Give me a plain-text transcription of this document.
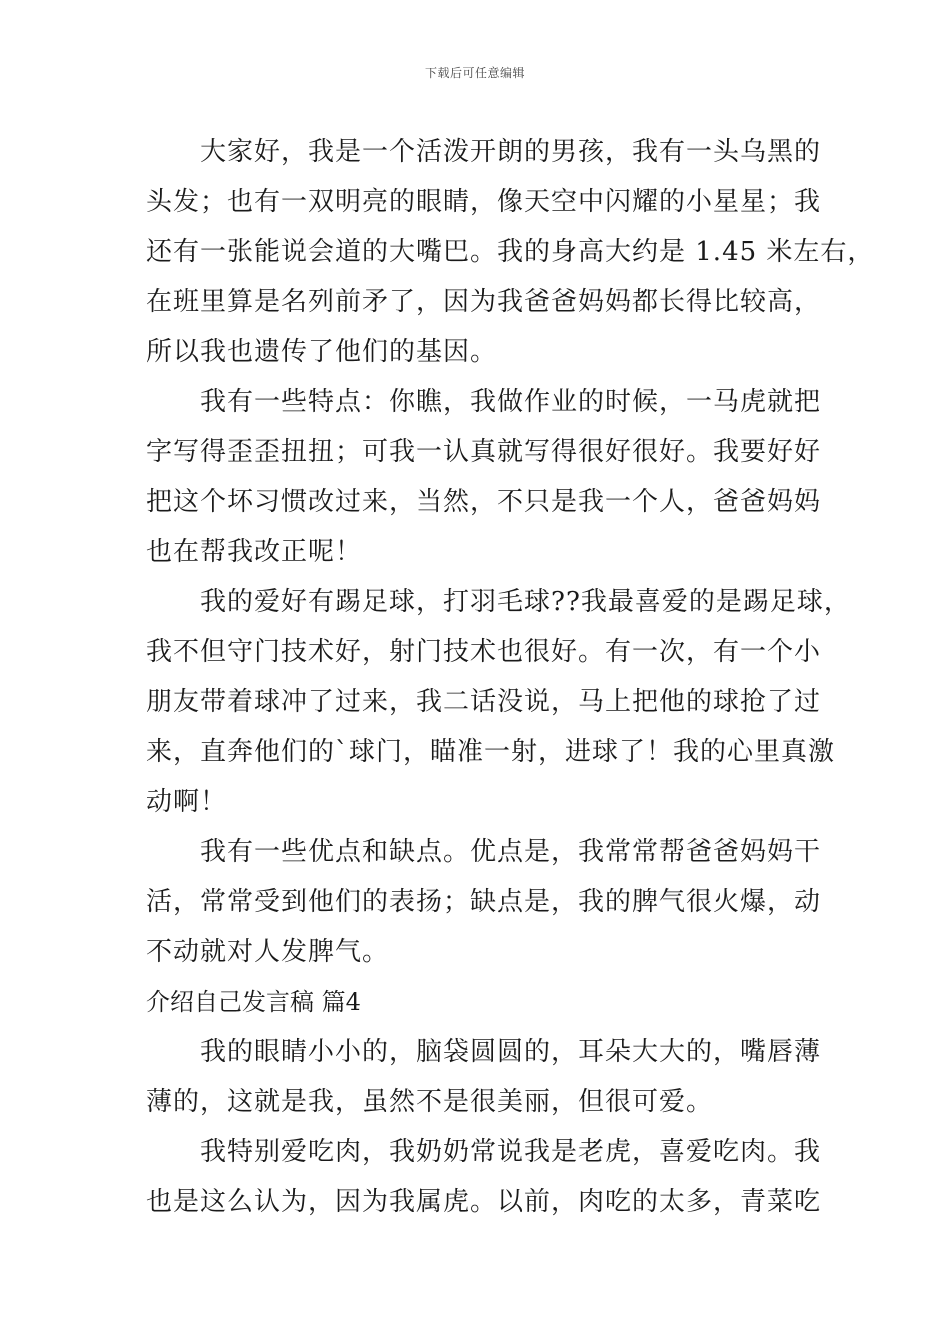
下载后可任意编辑
大家好，我是一个活泼开朗的男孩，我有一头乌黑的
头发；也有一双明亮的眼睛，像天空中闪耀的小星星；我
还有一张能说会道的大嘴巴。我的身高大约是 1.45 米左右，
在班里算是名列前矛了，因为我爸爸妈妈都长得比较高，
所以我也遗传了他们的基因。
我有一些特点：你瞧，我做作业的时候，一马虎就把
字写得歪歪扭扭；可我一认真就写得很好很好。我要好好
把这个坏习惯改过来，当然，不只是我一个人，爸爸妈妈
也在帮我改正呢！
我的爱好有踢足球，打羽毛球??我最喜爱的是踢足球，
我不但守门技术好，射门技术也很好。有一次，有一个小
朋友带着球冲了过来，我二话没说，马上把他的球抢了过
来，直奔他们的`球门，瞄准一射，进球了！我的心里真激
动啊！
我有一些优点和缺点。优点是，我常常帮爸爸妈妈干
活，常常受到他们的表扬；缺点是，我的脾气很火爆，动
不动就对人发脾气。
介绍自己发言稿 篇4
我的眼睛小小的，脑袋圆圆的，耳朵大大的，嘴唇薄
薄的，这就是我，虽然不是很美丽，但很可爱。
我特别爱吃肉，我奶奶常说我是老虎，喜爱吃肉。我
也是这么认为，因为我属虎。以前，肉吃的太多，青菜吃
